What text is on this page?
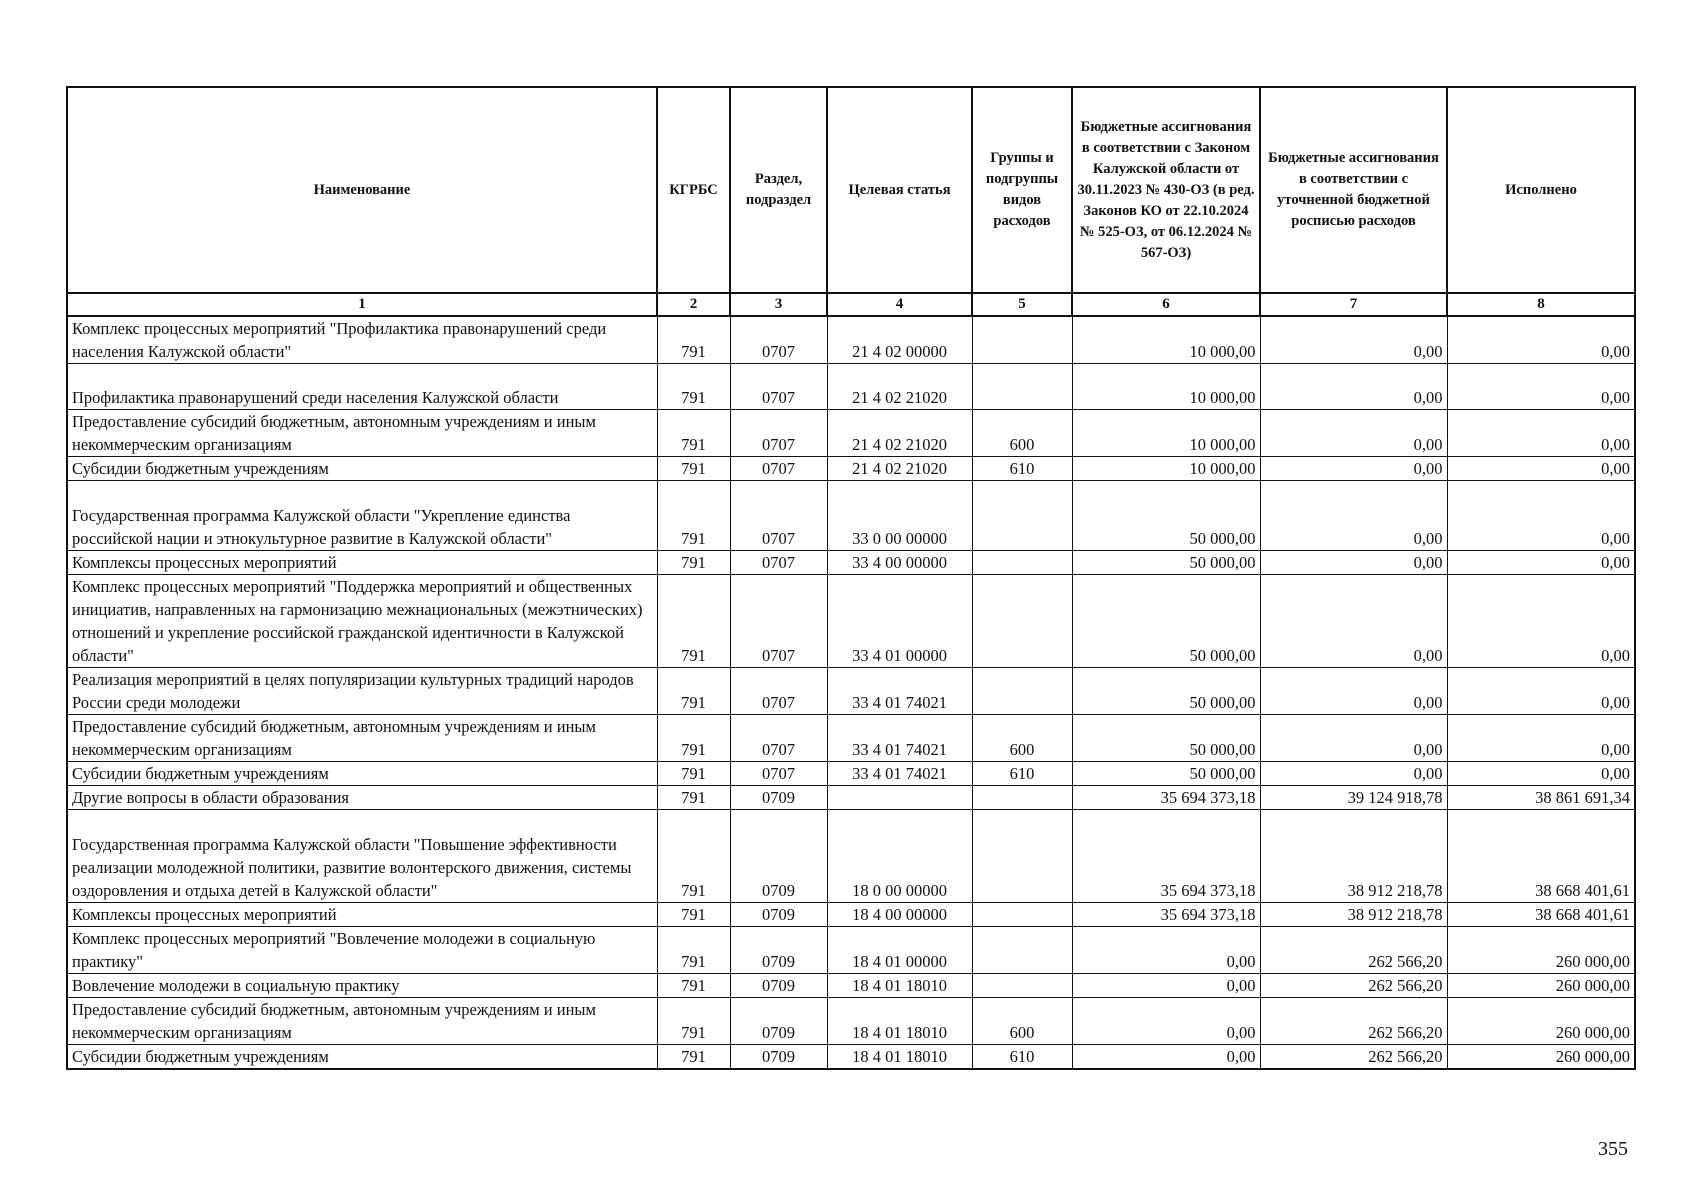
Наименование	КГРБС	Раздел, подраздел	Целевая статья	Группы и подгруппы видов расходов	Бюджетные ассигнования в соответствии с Законом Калужской области от 30.11.2023 № 430-ОЗ (в ред. Законов КО от 22.10.2024 № 525-ОЗ, от 06.12.2024 № 567-ОЗ)	Бюджетные ассигнования в соответствии с уточненной бюджетной росписью расходов	Исполнено
1	2	3	4	5	6	7	8
Комплекс процессных мероприятий "Профилактика правонарушений среди населения Калужской области"	791	0707	21 4 02 00000		10 000,00	0,00	0,00
Профилактика правонарушений среди населения Калужской области	791	0707	21 4 02 21020		10 000,00	0,00	0,00
Предоставление субсидий бюджетным, автономным учреждениям и иным некоммерческим организациям	791	0707	21 4 02 21020	600	10 000,00	0,00	0,00
Субсидии бюджетным учреждениям	791	0707	21 4 02 21020	610	10 000,00	0,00	0,00
Государственная программа Калужской области "Укрепление единства российской нации и этнокультурное развитие в Калужской области"	791	0707	33 0 00 00000		50 000,00	0,00	0,00
Комплексы процессных мероприятий	791	0707	33 4 00 00000		50 000,00	0,00	0,00
Комплекс процессных мероприятий "Поддержка мероприятий и общественных инициатив, направленных на гармонизацию межнациональных (межэтнических) отношений и укрепление российской гражданской идентичности в Калужской области"	791	0707	33 4 01 00000		50 000,00	0,00	0,00
Реализация мероприятий в целях популяризации культурных традиций народов России среди молодежи	791	0707	33 4 01 74021		50 000,00	0,00	0,00
Предоставление субсидий бюджетным, автономным учреждениям и иным некоммерческим организациям	791	0707	33 4 01 74021	600	50 000,00	0,00	0,00
Субсидии бюджетным учреждениям	791	0707	33 4 01 74021	610	50 000,00	0,00	0,00
Другие вопросы в области образования	791	0709			35 694 373,18	39 124 918,78	38 861 691,34
Государственная программа Калужской области "Повышение эффективности реализации молодежной политики, развитие волонтерского движения, системы оздоровления и отдыха детей в Калужской области"	791	0709	18 0 00 00000		35 694 373,18	38 912 218,78	38 668 401,61
Комплексы процессных мероприятий	791	0709	18 4 00 00000		35 694 373,18	38 912 218,78	38 668 401,61
Комплекс процессных мероприятий "Вовлечение молодежи в социальную практику"	791	0709	18 4 01 00000		0,00	262 566,20	260 000,00
Вовлечение молодежи в социальную практику	791	0709	18 4 01 18010		0,00	262 566,20	260 000,00
Предоставление субсидий бюджетным, автономным учреждениям и иным некоммерческим организациям	791	0709	18 4 01 18010	600	0,00	262 566,20	260 000,00
Субсидии бюджетным учреждениям	791	0709	18 4 01 18010	610	0,00	262 566,20	260 000,00
355
